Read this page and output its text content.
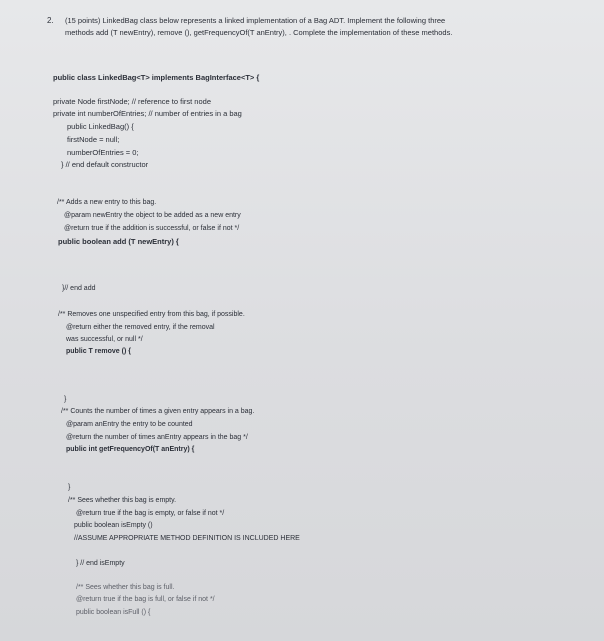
2. (15 points) LinkedBag class below represents a linked implementation of a Bag ADT. Implement the following three
methods add (T newEntry), remove (), getFrequencyOf(T anEntry), . Complete the implementation of these methods.
public class LinkedBag<T> implements BagInterface<T> {
private Node firstNode; // reference to first node
private int numberOfEntries; // number of entries in a bag
public LinkedBag() {
firstNode = null;
numberOfEntries = 0;
} // end default constructor
/** Adds a new entry to this bag.
@param newEntry the object to be added as a new entry
@return true if the addition is successful, or false if not */
public boolean add (T newEntry) {
}// end add
/** Removes one unspecified entry from this bag, if possible.
@return either the removed entry, if the removal
was successful, or null */
public T remove () {
}
/** Counts the number of times a given entry appears in a bag.
@param anEntry the entry to be counted
@return the number of times anEntry appears in the bag */
public int getFrequencyOf(T anEntry) {
}
/** Sees whether this bag is empty.
@return true if the bag is empty, or false if not */
public boolean isEmpty ()
//ASSUME APPROPRIATE METHOD DEFINITION IS INCLUDED HERE
} // end isEmpty
/** Sees whether this bag is full.
@return true if the bag is full, or false if not */
public boolean isFull () {
